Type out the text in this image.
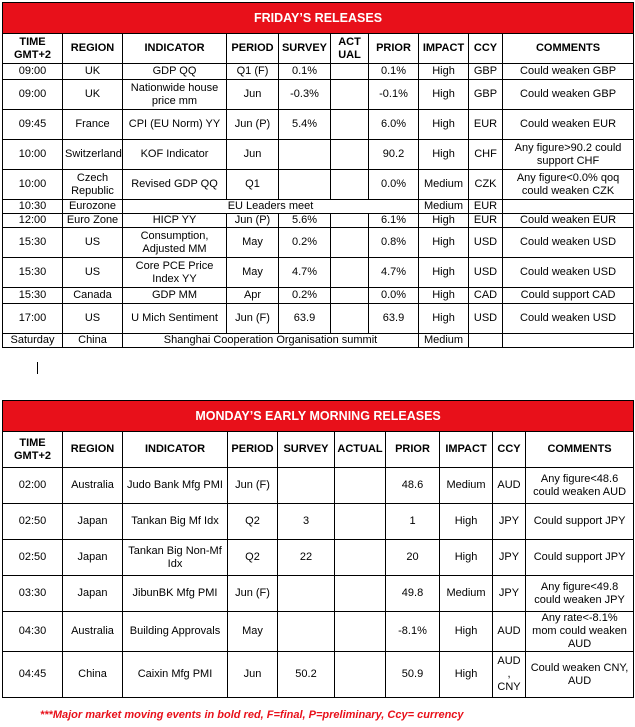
FRIDAY’S RELEASES									
TIME GMT+2	REGION	INDICATOR	PERIOD	SURVEY	ACT UAL	PRIOR	IMPACT	CCY	COMMENTS
09:00	UK	GDP QQ	Q1 (F)	0.1%		0.1%	High	GBP	Could weaken GBP
09:00	UK	Nationwide house price mm	Jun	-0.3%		-0.1%	High	GBP	Could weaken GBP
09:45	France	CPI (EU Norm) YY	Jun (P)	5.4%		6.0%	High	EUR	Could weaken EUR
10:00	Switzerland	KOF Indicator	Jun			90.2	High	CHF	Any figure>90.2 could support CHF
10:00	Czech Republic	Revised GDP QQ	Q1			0.0%	Medium	CZK	Any figure<0.0% qoq could weaken CZK
10:30	Eurozone	EU Leaders meet					Medium	EUR	
12:00	Euro Zone	HICP YY	Jun (P)	5.6%		6.1%	High	EUR	Could weaken EUR
15:30	US	Consumption, Adjusted MM	May	0.2%		0.8%	High	USD	Could weaken USD
15:30	US	Core PCE Price Index YY	May	4.7%		4.7%	High	USD	Could weaken USD
15:30	Canada	GDP MM	Apr	0.2%		0.0%	High	CAD	Could support CAD
17:00	US	U Mich Sentiment	Jun (F)	63.9		63.9	High	USD	Could weaken USD
Saturday	China	Shanghai Cooperation Organisation summit					Medium		
MONDAY’S EARLY MORNING RELEASES									
TIME GMT+2	REGION	INDICATOR	PERIOD	SURVEY	ACTUAL	PRIOR	IMPACT	CCY	COMMENTS
02:00	Australia	Judo Bank Mfg PMI	Jun (F)			48.6	Medium	AUD	Any figure<48.6 could weaken AUD
02:50	Japan	Tankan Big Mf Idx	Q2	3		1	High	JPY	Could support JPY
02:50	Japan	Tankan Big Non-Mf Idx	Q2	22		20	High	JPY	Could support JPY
03:30	Japan	JibunBK Mfg PMI	Jun (F)			49.8	Medium	JPY	Any figure<49.8 could weaken JPY
04:30	Australia	Building Approvals	May			-8.1%	High	AUD	Any rate<-8.1% mom could weaken AUD
04:45	China	Caixin Mfg PMI	Jun	50.2		50.9	High	AUD , CNY	Could weaken CNY, AUD
***Major market moving events in bold red, F=final, P=preliminary, Ccy= currency
